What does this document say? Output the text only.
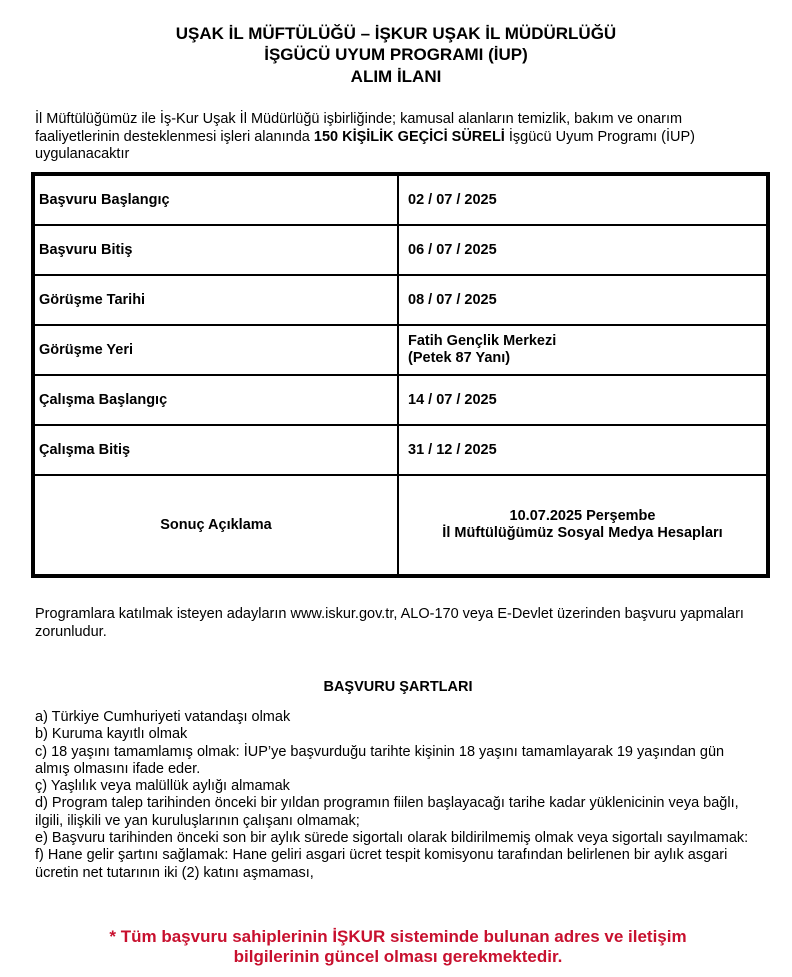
UŞAK İL MÜFTÜLÜĞÜ – İŞKUR UŞAK İL MÜDÜRLÜĞÜ
İŞGÜCÜ UYUM PROGRAMI (İUP)
ALIM İLANI
İl Müftülüğümüz ile İş-Kur Uşak İl Müdürlüğü işbirliğinde; kamusal alanların temizlik, bakım ve onarım faaliyetlerinin desteklenmesi işleri alanında 150 KİŞİLİK GEÇİCİ SÜRELİ İşgücü Uyum Programı (İUP) uygulanacaktır
Başvuru Başlangıç	02 / 07 / 2025
Başvuru Bitiş	06 / 07 / 2025
Görüşme Tarihi	08 / 07 / 2025
Görüşme Yeri	Fatih Gençlik Merkezi
(Petek 87 Yanı)

Çalışma Başlangıç	14 / 07 / 2025
Çalışma Bitiş	31 / 12 / 2025
Sonuç Açıklama	10.07.2025 Perşembe
İl Müftülüğümüz Sosyal Medya Hesapları
Programlara katılmak isteyen adayların www.iskur.gov.tr, ALO-170 veya E-Devlet üzerinden başvuru yapmaları zorunludur.
BAŞVURU ŞARTLARI
a) Türkiye Cumhuriyeti vatandaşı olmak
b) Kuruma kayıtlı olmak
c) 18 yaşını tamamlamış olmak: İUP’ye başvurduğu tarihte kişinin 18 yaşını tamamlayarak 19 yaşından gün almış olmasını ifade eder.
ç) Yaşlılık veya malüllük aylığı almamak
d) Program talep tarihinden önceki bir yıldan programın fiilen başlayacağı tarihe kadar yüklenicinin veya bağlı, ilgili, ilişkili ve yan kuruluşlarının çalışanı olmamak;
e) Başvuru tarihinden önceki son bir aylık sürede sigortalı olarak bildirilmemiş olmak veya sigortalı sayılmamak:
f) Hane gelir şartını sağlamak: Hane geliri asgari ücret tespit komisyonu tarafından belirlenen bir aylık asgari ücretin net tutarının iki (2) katını aşmaması,
* Tüm başvuru sahiplerinin İŞKUR sisteminde bulunan adres ve iletişim
bilgilerinin güncel olması gerekmektedir.
